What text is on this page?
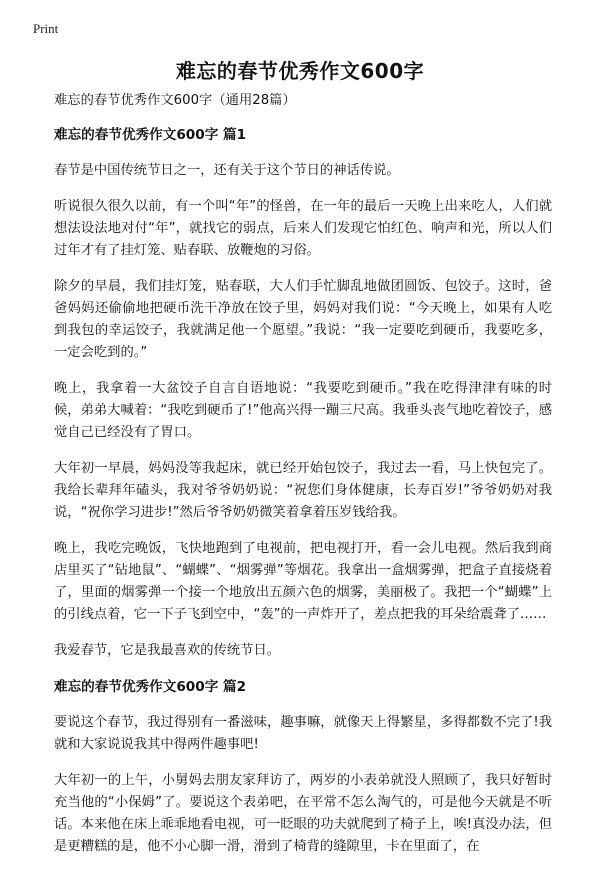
Print
难忘的春节优秀作文600字

难忘的春节优秀作文600字（通用28篇）

难忘的春节优秀作文600字 篇1

春节是中国传统节日之一，还有关于这个节日的神话传说。

听说很久很久以前，有一个叫“年”的怪兽，在一年的最后一天晚上出来吃人，人们就想法设法地对付“年”，就找它的弱点，后来人们发现它怕红色、响声和光，所以人们过年才有了挂灯笼、贴春联、放鞭炮的习俗。

除夕的早晨，我们挂灯笼，贴春联，大人们手忙脚乱地做团圆饭、包饺子。这时，爸爸妈妈还偷偷地把硬币洗干净放在饺子里，妈妈对我们说：“今天晚上，如果有人吃到我包的幸运饺子，我就满足他一个愿望。”我说：“我一定要吃到硬币，我要吃多，一定会吃到的。”

晚上，我拿着一大盆饺子自言自语地说：“我要吃到硬币。”我在吃得津津有味的时候，弟弟大喊着：“我吃到硬币了!”他高兴得一蹦三尺高。我垂头丧气地吃着饺子，感觉自己已经没有了胃口。

大年初一早晨，妈妈没等我起床，就已经开始包饺子，我过去一看，马上快包完了。我给长辈拜年磕头，我对爷爷奶奶说：“祝您们身体健康，长寿百岁!”爷爷奶奶对我说，“祝你学习进步!”然后爷爷奶奶微笑着拿着压岁钱给我。

晚上，我吃完晚饭，飞快地跑到了电视前，把电视打开，看一会儿电视。然后我到商店里买了“钻地鼠”、“蝴蝶”、“烟雾弹”等烟花。我拿出一盒烟雾弹，把盒子直接烧着了，里面的烟雾弹一个接一个地放出五颜六色的烟雾，美丽极了。我把一个“蝴蝶”上的引线点着，它一下子飞到空中，“轰”的一声炸开了，差点把我的耳朵给震聋了……

我爱春节，它是我最喜欢的传统节日。

难忘的春节优秀作文600字 篇2

要说这个春节，我过得别有一番滋味，趣事嘛，就像天上得繁星，多得都数不完了!我就和大家说说我其中得两件趣事吧!

大年初一的上午，小舅妈去朋友家拜访了，两岁的小表弟就没人照顾了，我只好暂时充当他的“小保姆”了。要说这个表弟吧，在平常不怎么淘气的，可是他今天就是不听话。本来他在床上乖乖地看电视，可一眨眼的功夫就爬到了椅子上，唉!真没办法，但是更糟糕的是，他不小心脚一滑，滑到了椅背的缝隙里，卡在里面了，在
